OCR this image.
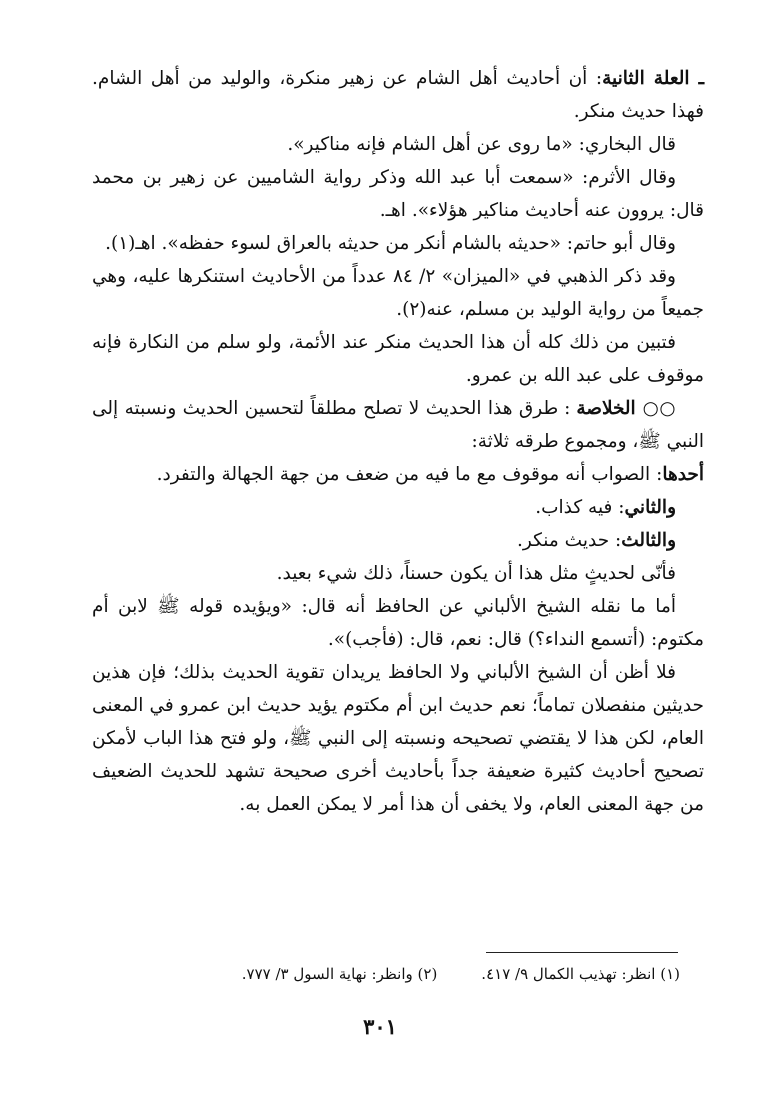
ـ العلة الثانية: أن أحاديث أهل الشام عن زهير منكرة، والوليد من أهل الشام. فهذا حديث منكر.

قال البخاري: «ما روى عن أهل الشام فإنه مناكير».

وقال الأثرم: «سمعت أبا عبد الله وذكر رواية الشاميين عن زهير بن محمد قال: يروون عنه أحاديث مناكير هؤلاء». اهـ.

وقال أبو حاتم: «حديثه بالشام أنكر من حديثه بالعراق لسوء حفظه». اهـ(١).

وقد ذكر الذهبي في «الميزان» ٢/ ٨٤ عدداً من الأحاديث استنكرها عليه، وهي جميعاً من رواية الوليد بن مسلم، عنه(٢).

فتبين من ذلك كله أن هذا الحديث منكر عند الأئمة، ولو سلم من النكارة فإنه موقوف على عبد الله بن عمرو.

○○ الخلاصة: طرق هذا الحديث لا تصلح مطلقاً لتحسين الحديث ونسبته إلى النبي ﷺ، ومجموع طرقه ثلاثة:

أحدها: الصواب أنه موقوف مع ما فيه من ضعف من جهة الجهالة والتفرد.

والثاني: فيه كذاب.

والثالث: حديث منكر.

فأنّى لحديثٍ مثل هذا أن يكون حسناً، ذلك شيء بعيد.

أما ما نقله الشيخ الألباني عن الحافظ أنه قال: «ويؤيده قوله ﷺ لابن أم مكتوم: (أتسمع النداء؟) قال: نعم، قال: (فأجب)».

فلا أظن أن الشيخ الألباني ولا الحافظ يريدان تقوية الحديث بذلك؛ فإن هذين حديثين منفصلان تماماً؛ نعم حديث ابن أم مكتوم يؤيد حديث ابن عمرو في المعنى العام، لكن هذا لا يقتضي تصحيحه ونسبته إلى النبي ﷺ، ولو فتح هذا الباب لأمكن تصحيح أحاديث كثيرة ضعيفة جداً بأحاديث أخرى صحيحة تشهد للحديث الضعيف من جهة المعنى العام، ولا يخفى أن هذا أمر لا يمكن العمل به.

(١) انظر: تهذيب الكمال ٩/ ٤١٧.
(٢) وانظر: نهاية السول ٣/ ٧٧٧.
٣٠١
